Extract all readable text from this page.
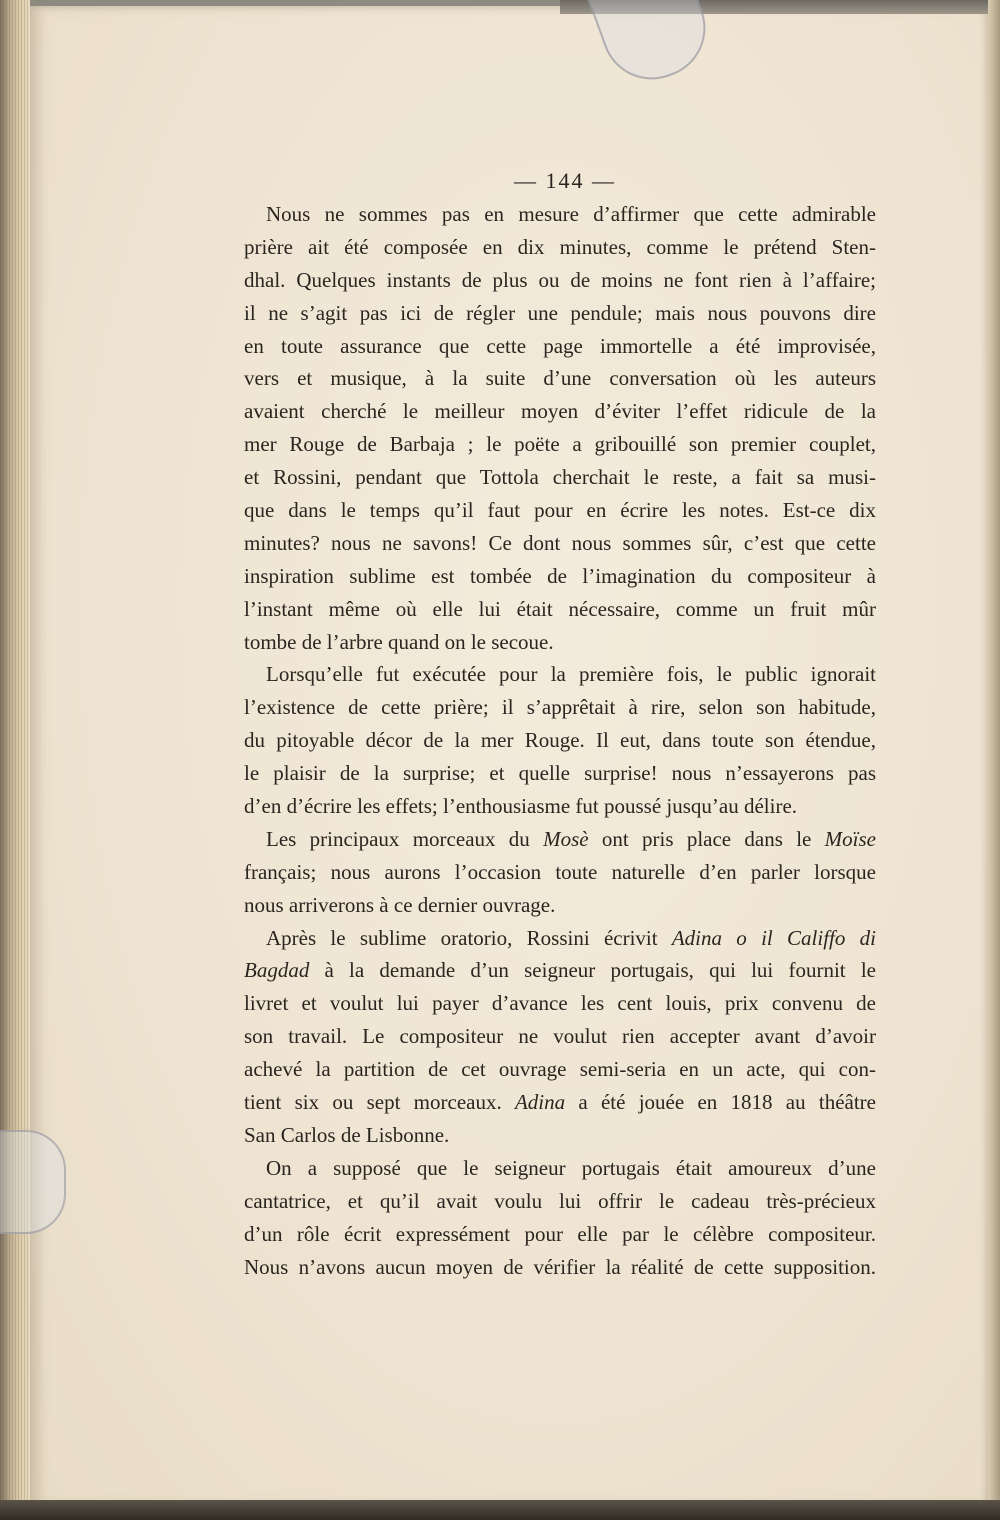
— 144 —
Nous ne sommes pas en mesure d’affirmer que cette admirable
prière ait été composée en dix minutes, comme le prétend Sten-
dhal. Quelques instants de plus ou de moins ne font rien à l’affaire;
il ne s’agit pas ici de régler une pendule; mais nous pouvons dire
en toute assurance que cette page immortelle a été improvisée,
vers et musique, à la suite d’une conversation où les auteurs
avaient cherché le meilleur moyen d’éviter l’effet ridicule de la
mer Rouge de Barbaja ; le poëte a gribouillé son premier couplet,
et Rossini, pendant que Tottola cherchait le reste, a fait sa musi-
que dans le temps qu’il faut pour en écrire les notes. Est-ce dix
minutes? nous ne savons! Ce dont nous sommes sûr, c’est que cette
inspiration sublime est tombée de l’imagination du compositeur à
l’instant même où elle lui était nécessaire, comme un fruit mûr
tombe de l’arbre quand on le secoue.
Lorsqu’elle fut exécutée pour la première fois, le public ignorait
l’existence de cette prière; il s’apprêtait à rire, selon son habitude,
du pitoyable décor de la mer Rouge. Il eut, dans toute son étendue,
le plaisir de la surprise; et quelle surprise! nous n’essayerons pas
d’en d’écrire les effets; l’enthousiasme fut poussé jusqu’au délire.
Les principaux morceaux du Mosè ont pris place dans le Moïse
français; nous aurons l’occasion toute naturelle d’en parler lorsque
nous arriverons à ce dernier ouvrage.
Après le sublime oratorio, Rossini écrivit Adina o il Califfo di
Bagdad à la demande d’un seigneur portugais, qui lui fournit le
livret et voulut lui payer d’avance les cent louis, prix convenu de
son travail. Le compositeur ne voulut rien accepter avant d’avoir
achevé la partition de cet ouvrage semi-seria en un acte, qui con-
tient six ou sept morceaux. Adina a été jouée en 1818 au théâtre
San Carlos de Lisbonne.
On a supposé que le seigneur portugais était amoureux d’une
cantatrice, et qu’il avait voulu lui offrir le cadeau très-précieux
d’un rôle écrit expressément pour elle par le célèbre compositeur.
Nous n’avons aucun moyen de vérifier la réalité de cette supposition.
